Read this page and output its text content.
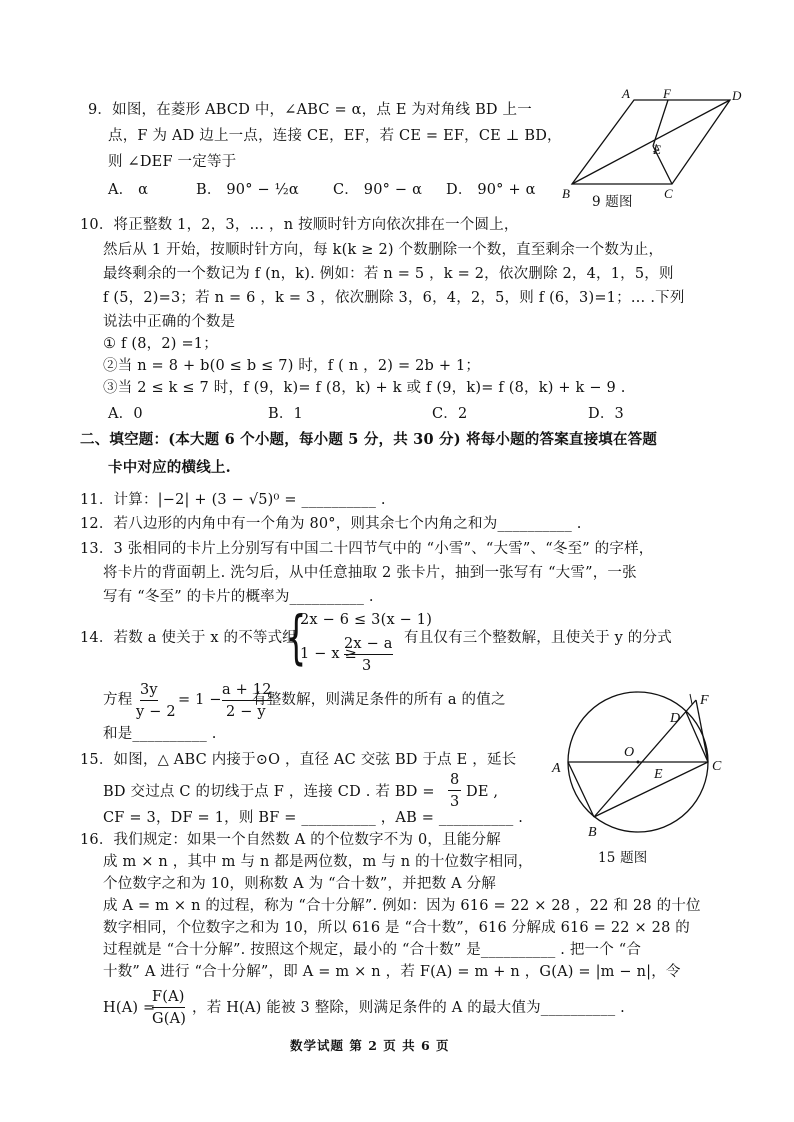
9．如图，在菱形 ABCD 中，∠ABC = α，点 E 为对角线 BD 上一
点，F 为 AD 边上一点，连接 CE，EF，若 CE = EF，CE ⊥ BD，
则 ∠DEF 一定等于
A． α	B． 90° − ½α C． 90° − α D． 90° + α
A	F	D
E
B	C
9 题图
10．将正整数 1，2，3，… ，n 按顺时针方向依次排在一个圆上，
然后从 1 开始，按顺时针方向，每 k(k ≥ 2) 个数删除一个数，直至剩余一个数为止，
最终剩余的一个数记为 f (n，k). 例如：若 n = 5 ，k = 2，依次删除 2，4，1，5，则
f (5，2)=3；若 n = 6 ，k = 3 ，依次删除 3，6，4，2，5，则 f (6，3)=1；… .下列
说法中正确的个数是
① f (8，2) =1；
②当 n = 8 + b(0 ≤ b ≤ 7) 时，f ( n ，2) = 2b + 1；
③当 2 ≤ k ≤ 7 时，f (9，k)= f (8，k) + k 或 f (9，k)= f (8，k) + k − 9 .
A．0	B．1	C．2	D．3
二、填空题：(本大题 6 个小题，每小题 5 分，共 30 分) 将每小题的答案直接填在答题
卡中对应的横线上.
11．计算：|−2| + (3 − √5)⁰ = __________ .
12．若八边形的内角中有一个角为 80°，则其余七个内角之和为__________ .
13．3 张相同的卡片上分别写有中国二十四节气中的 “小雪”、“大雪”、“冬至” 的字样，
将卡片的背面朝上. 洗匀后，从中任意抽取 2 张卡片，抽到一张写有 “大雪”，一张
写有 “冬至” 的卡片的概率为__________ .
14．若数 a 使关于 x 的不等式组
{
2x − 6 ≤ 3(x − 1)
1 − x ≥
2x − a
3
有且仅有三个整数解，且使关于 y 的分式
方程
3y
y − 2
= 1 −
a + 12
2 − y
有整数解，则满足条件的所有 a 的值之
和是__________ .
15．如图，△ ABC 内接于⊙O ，直径 AC 交弦 BD 于点 E ，延长
BD 交过点 C 的切线于点 F ，连接 CD . 若 BD =
8
3
DE ,
CF = 3，DF = 1，则 BF = __________ ，AB = __________ .
O
A	E
C
D
F
B
15 题图
16．我们规定：如果一个自然数 A 的个位数字不为 0，且能分解
成 m × n ，其中 m 与 n 都是两位数，m 与 n 的十位数字相同，
个位数字之和为 10，则称数 A 为 “合十数”，并把数 A 分解
成 A = m × n 的过程，称为 “合十分解”. 例如：因为 616 = 22 × 28 ，22 和 28 的十位
数字相同，个位数字之和为 10，所以 616 是 “合十数”，616 分解成 616 = 22 × 28 的
过程就是 “合十分解”. 按照这个规定，最小的 “合十数” 是__________ . 把一个 “合
十数” A 进行 “合十分解”，即 A = m × n ，若 F(A) = m + n ，G(A) = |m − n|，令
H(A) =
F(A)
G(A)
，若 H(A) 能被 3 整除，则满足条件的 A 的最大值为__________ .
数学试题 第 2 页 共 6 页
